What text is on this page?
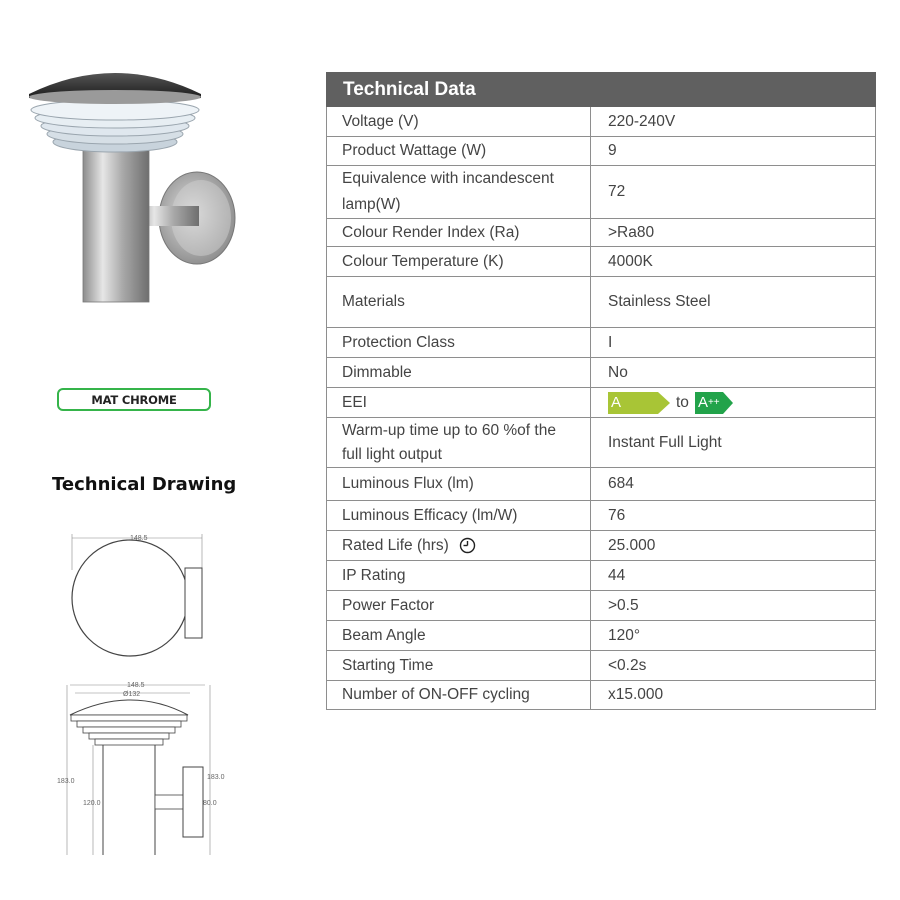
MAT CHROME
Technical Drawing
148.5
148.5
Ø132
183.0
120.0
183.0
80.0
Technical Data	
Voltage (V)	220-240V
Product Wattage (W)	9
Equivalence with incandescent lamp(W)	72
Colour Render Index (Ra)	>Ra80
Colour Temperature (K)	4000K
Materials	Stainless Steel
Protection Class	I
Dimmable	No
EEI	A to A ++

Warm-up time up to 60 %of the full light output	Instant Full Light
Luminous Flux (lm)	684
Luminous Efficacy (lm/W)	76
Rated Life (hrs)	25.000
IP Rating	44
Power Factor	>0.5
Beam Angle	120°
Starting Time	<0.2s
Number of ON-OFF cycling	x15.000
